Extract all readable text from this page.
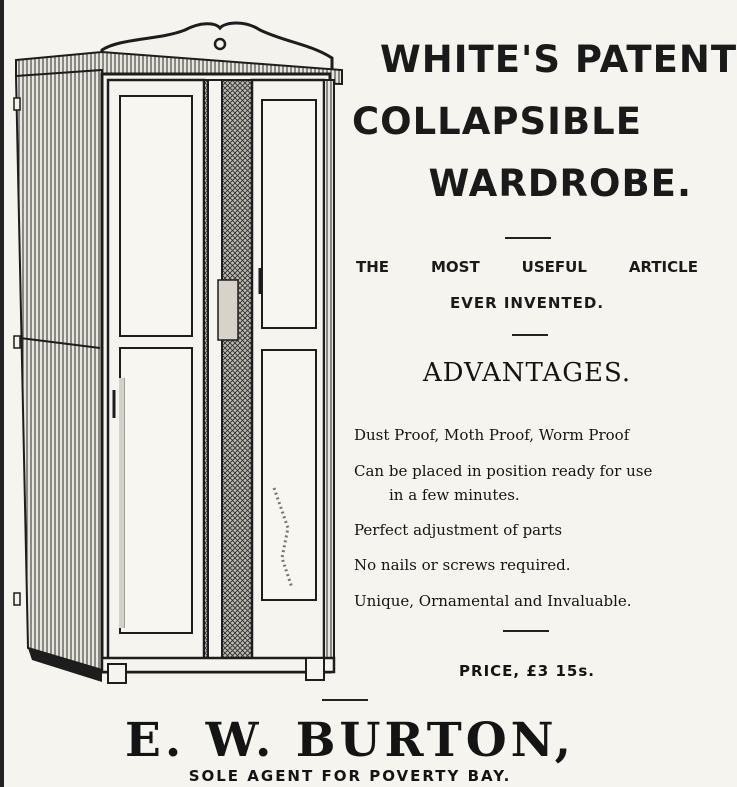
WHITE'S PATENT
COLLAPSIBLE
WARDROBE.
THE	MOST	USEFUL	ARTICLE
EVER INVENTED.
ADVANTAGES.
Dust Proof, Moth Proof, Worm Proof
Can be placed in position ready for use
in a few minutes.
Perfect adjustment of parts
No nails or screws required.
Unique, Ornamental and Invaluable.
PRICE, £3 15s.
E. W. BURTON,
SOLE AGENT FOR POVERTY BAY.
